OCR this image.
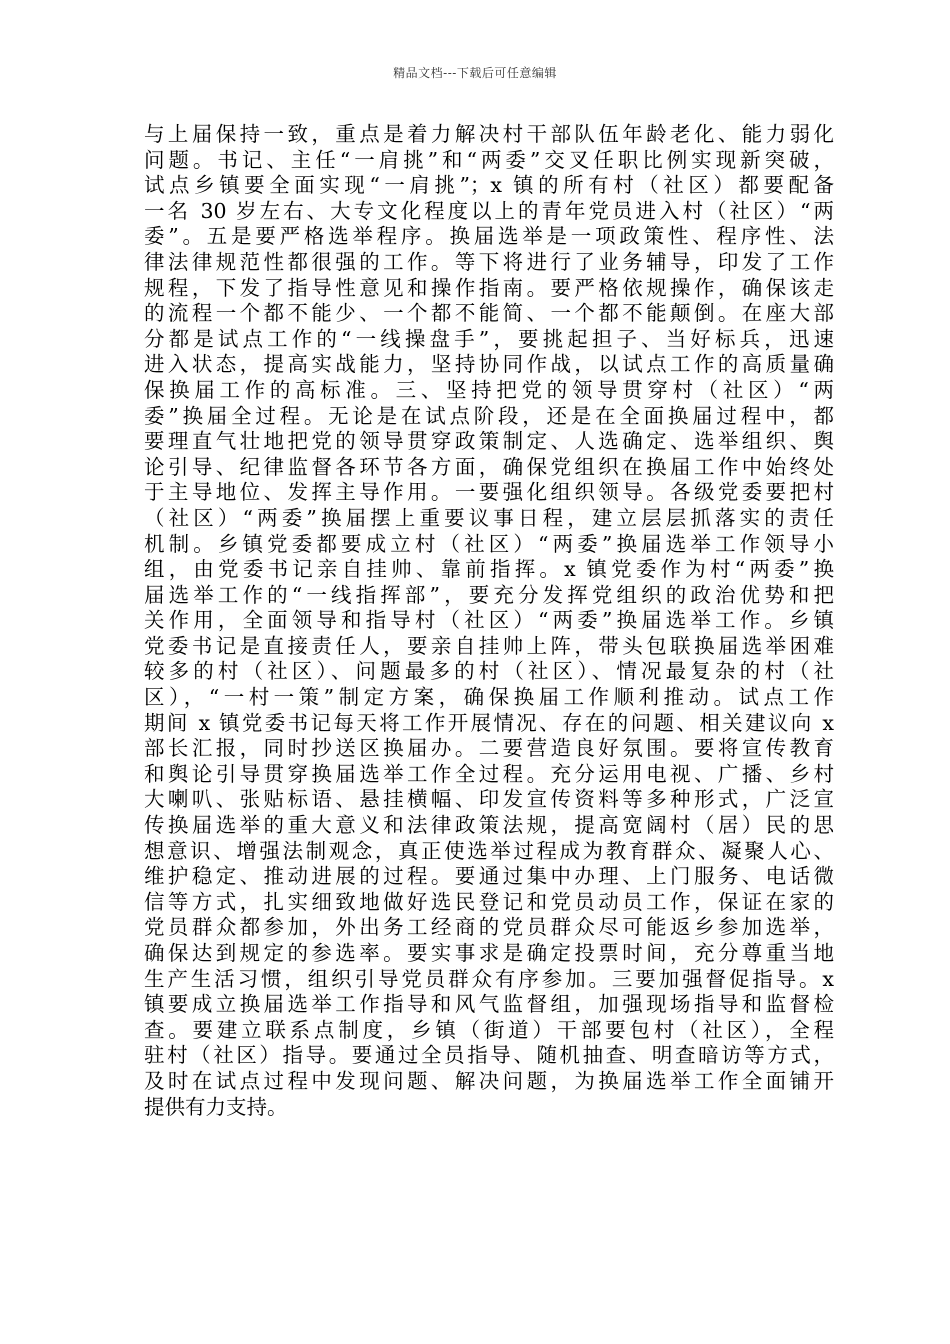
精品文档---下载后可任意编辑
与上届保持一致，重点是着力解决村干部队伍年龄老化、能力弱化
问题。书记、主任“一肩挑”和“两委”交叉任职比例实现新突破，
试点乡镇要全面实现“一肩挑”；x 镇的所有村（社区）都要配备
一名 30 岁左右、大专文化程度以上的青年党员进入村（社区）“两
委”。五是要严格选举程序。换届选举是一项政策性、程序性、法
律法律规范性都很强的工作。等下将进行了业务辅导，印发了工作
规程，下发了指导性意见和操作指南。要严格依规操作，确保该走
的流程一个都不能少、一个都不能简、一个都不能颠倒。在座大部
分都是试点工作的“一线操盘手”，要挑起担子、当好标兵，迅速
进入状态，提高实战能力，坚持协同作战，以试点工作的高质量确
保换届工作的高标准。三、坚持把党的领导贯穿村（社区）“两
委”换届全过程。无论是在试点阶段，还是在全面换届过程中，都
要理直气壮地把党的领导贯穿政策制定、人选确定、选举组织、舆
论引导、纪律监督各环节各方面，确保党组织在换届工作中始终处
于主导地位、发挥主导作用。一要强化组织领导。各级党委要把村
（社区）“两委”换届摆上重要议事日程，建立层层抓落实的责任
机制。乡镇党委都要成立村（社区）“两委”换届选举工作领导小
组，由党委书记亲自挂帅、靠前指挥。x 镇党委作为村“两委”换
届选举工作的“一线指挥部”，要充分发挥党组织的政治优势和把
关作用，全面领导和指导村（社区）“两委”换届选举工作。乡镇
党委书记是直接责任人，要亲自挂帅上阵，带头包联换届选举困难
较多的村（社区）、问题最多的村（社区）、情况最复杂的村（社
区），“一村一策”制定方案，确保换届工作顺利推动。试点工作
期间 x 镇党委书记每天将工作开展情况、存在的问题、相关建议向 x
部长汇报，同时抄送区换届办。二要营造良好氛围。要将宣传教育
和舆论引导贯穿换届选举工作全过程。充分运用电视、广播、乡村
大喇叭、张贴标语、悬挂横幅、印发宣传资料等多种形式，广泛宣
传换届选举的重大意义和法律政策法规，提高宽阔村（居）民的思
想意识、增强法制观念，真正使选举过程成为教育群众、凝聚人心、
维护稳定、推动进展的过程。要通过集中办理、上门服务、电话微
信等方式，扎实细致地做好选民登记和党员动员工作，保证在家的
党员群众都参加，外出务工经商的党员群众尽可能返乡参加选举，
确保达到规定的参选率。要实事求是确定投票时间，充分尊重当地
生产生活习惯，组织引导党员群众有序参加。三要加强督促指导。x
镇要成立换届选举工作指导和风气监督组，加强现场指导和监督检
查。要建立联系点制度，乡镇（街道）干部要包村（社区），全程
驻村（社区）指导。要通过全员指导、随机抽查、明查暗访等方式，
及时在试点过程中发现问题、解决问题，为换届选举工作全面铺开
提供有力支持。
